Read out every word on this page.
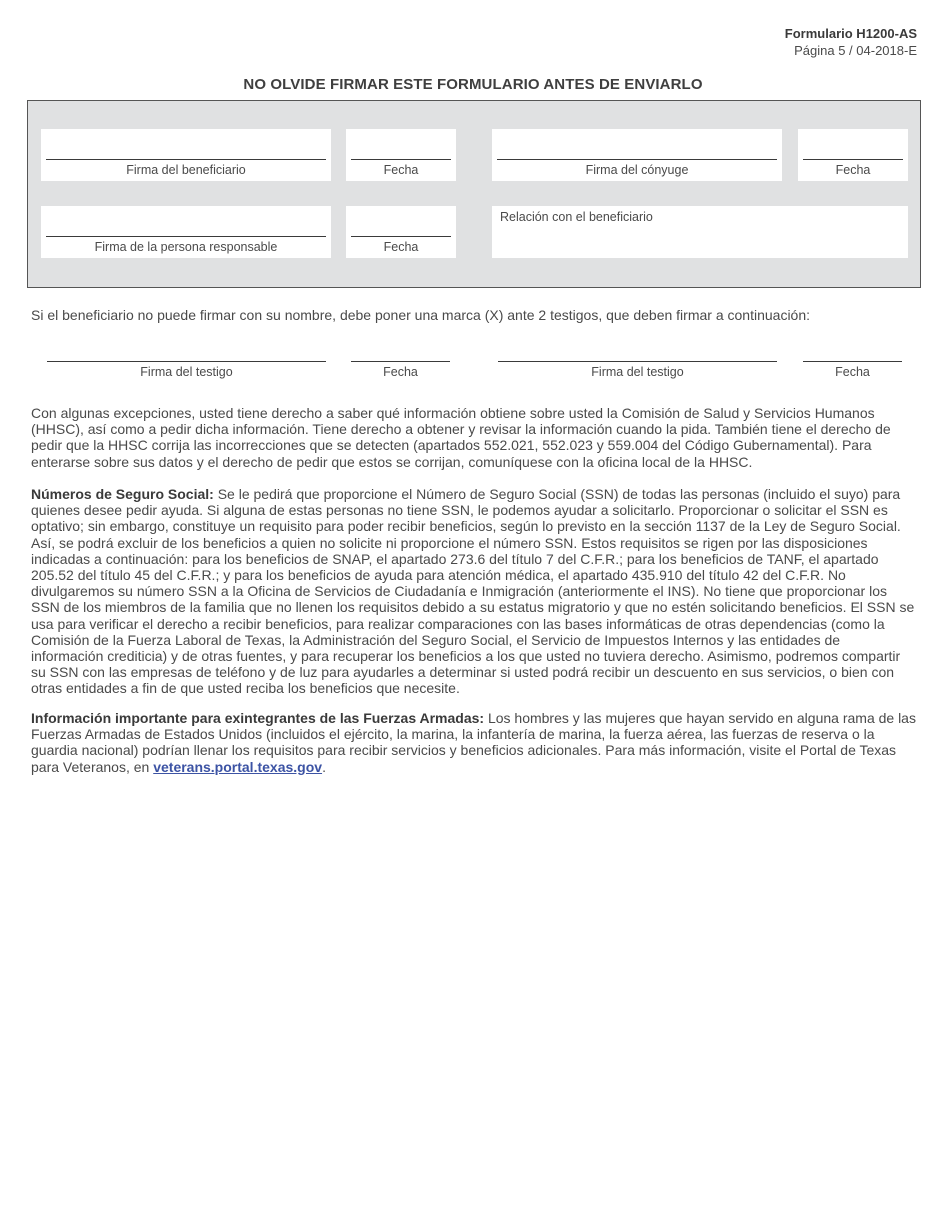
Formulario H1200-AS
Página 5 / 04-2018-E
NO OLVIDE FIRMAR ESTE FORMULARIO ANTES DE ENVIARLO
Firma del beneficiario	Fecha	Firma del cónyuge	Fecha
Firma de la persona responsable	Fecha
Relación con el beneficiario
Si el beneficiario no puede firmar con su nombre, debe poner una marca (X) ante 2 testigos, que deben firmar a continuación:
Firma del testigo	Fecha	Firma del testigo	Fecha

Con algunas excepciones, usted tiene derecho a saber qué información obtiene sobre usted la Comisión de Salud y Servicios Humanos (HHSC), así como a pedir dicha información. Tiene derecho a obtener y revisar la información cuando la pida. También tiene el derecho de pedir que la HHSC corrija las incorrecciones que se detecten (apartados 552.021, 552.023 y 559.004 del Código Gubernamental). Para enterarse sobre sus datos y el derecho de pedir que estos se corrijan, comuníquese con la oficina local de la HHSC.

Números de Seguro Social: Se le pedirá que proporcione el Número de Seguro Social (SSN) de todas las personas (incluido el suyo) para quienes desee pedir ayuda. Si alguna de estas personas no tiene SSN, le podemos ayudar a solicitarlo. Proporcionar o solicitar el SSN es optativo; sin embargo, constituye un requisito para poder recibir beneficios, según lo previsto en la sección 1137 de la Ley de Seguro Social. Así, se podrá excluir de los beneficios a quien no solicite ni proporcione el número SSN. Estos requisitos se rigen por las disposiciones indicadas a continuación: para los beneficios de SNAP, el apartado 273.6 del título 7 del C.F.R.; para los beneficios de TANF, el apartado 205.52 del título 45 del C.F.R.; y para los beneficios de ayuda para atención médica, el apartado 435.910 del título 42 del C.F.R. No divulgaremos su número SSN a la Oficina de Servicios de Ciudadanía e Inmigración (anteriormente el INS). No tiene que proporcionar los SSN de los miembros de la familia que no llenen los requisitos debido a su estatus migratorio y que no estén solicitando beneficios. El SSN se usa para verificar el derecho a recibir beneficios, para realizar comparaciones con las bases informáticas de otras dependencias (como la Comisión de la Fuerza Laboral de Texas, la Administración del Seguro Social, el Servicio de Impuestos Internos y las entidades de información crediticia) y de otras fuentes, y para recuperar los beneficios a los que usted no tuviera derecho. Asimismo, podremos compartir su SSN con las empresas de teléfono y de luz para ayudarles a determinar si usted podrá recibir un descuento en sus servicios, o bien con otras entidades a fin de que usted reciba los beneficios que necesite.

Información importante para exintegrantes de las Fuerzas Armadas: Los hombres y las mujeres que hayan servido en alguna rama de las Fuerzas Armadas de Estados Unidos (incluidos el ejército, la marina, la infantería de marina, la fuerza aérea, las fuerzas de reserva o la guardia nacional) podrían llenar los requisitos para recibir servicios y beneficios adicionales. Para más información, visite el Portal de Texas para Veteranos, en veterans.portal.texas.gov.
